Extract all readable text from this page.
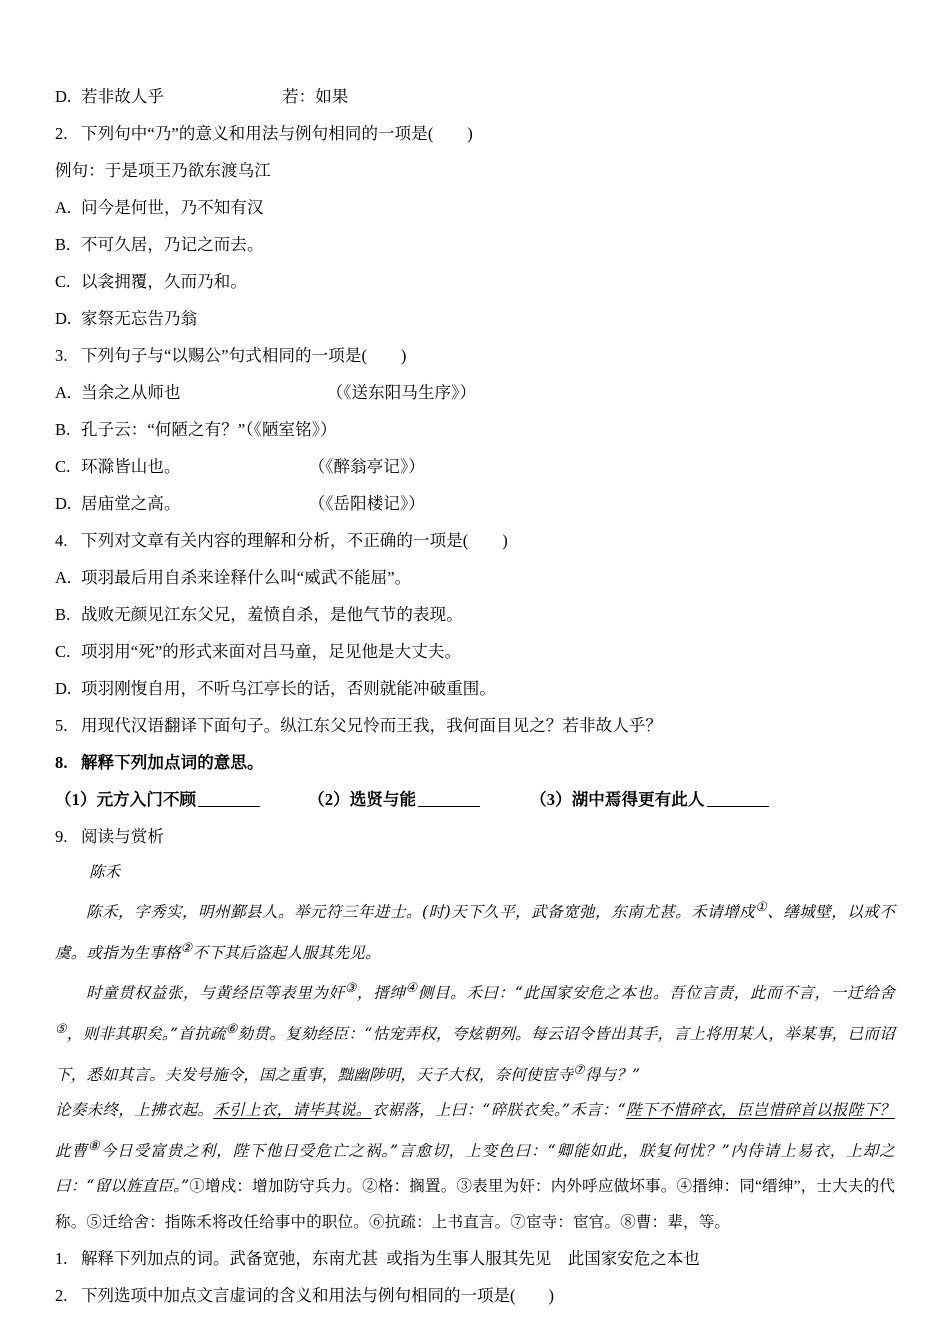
D. 若非故人乎	若：如果
2. 下列句中“乃”的意义和用法与例句相同的一项是(        )
例句：于是项王乃欲东渡乌江
A. 问今是何世，乃不知有汉
B. 不可久居，乃记之而去。
C. 以衾拥覆，久而乃和。
D. 家祭无忘告乃翁
3. 下列句子与“以赐公”句式相同的一项是(        )
A. 当余之从师也	（《送东阳马生序》）
B. 孔子云：“何陋之有？”（《陋室铭》）
C. 环滁皆山也。	（《醉翁亭记》）
D. 居庙堂之高。	（《岳阳楼记》）
4. 下列对文章有关内容的理解和分析，不正确的一项是(        )
A. 项羽最后用自杀来诠释什么叫“威武不能屈”。
B. 战败无颜见江东父兄，羞愤自杀，是他气节的表现。
C. 项羽用“死”的形式来面对吕马童，足见他是大丈夫。
D. 项羽刚愎自用，不听乌江亭长的话，否则就能冲破重围。
5. 用现代汉语翻译下面句子。纵江东父兄怜而王我，我何面目见之？若非故人乎？
8. 解释下列加点词的意思。
（1）元方入门不顾	（2）选贤与能	（3）湖中焉得更有此人
9. 阅读与赏析
陈禾

陈禾，字秀实，明州鄞县人。举元符三年进士。(时)天下久平，武备宽弛，东南尤甚。禾请增戍①、缮城壁，以戒不虞。或指为生事格②不下其后盗起人服其先见。

时童贯权益张，与黄经臣等表里为奸③，搢绅④侧目。禾曰：“此国家安危之本也。吾位言责，此而不言，一迁给舍⑤，则非其职矣。”首抗疏⑥劾贯。复劾经臣：“怙宠弄权，夸炫朝列。每云诏令皆出其手，言上将用某人，举某事，已而诏下，悉如其言。夫发号施令，国之重事，黜幽陟明，天子大权，奈何使宦寺⑦得与？”

论奏未终，上拂衣起。禾引上衣，请毕其说。衣裾落，上曰：“碎朕衣矣。”禾言：“陛下不惜碎衣，臣岂惜碎首以报陛下？此曹⑧今日受富贵之利，陛下他日受危亡之祸。”言愈切，上变色曰：“卿能如此，朕复何忧？”内侍请上易衣，上却之曰：“留以旌直臣。”①增戍：增加防守兵力。②格：搁置。③表里为奸：内外呼应做坏事。④搢绅：同“缙绅”，士大夫的代称。⑤迁给舍：指陈禾将改任给事中的职位。⑥抗疏：上书直言。⑦宦寺：宦官。⑧曹：辈，等。

1. 解释下列加点的词。武备宽弛，东南尤甚  或指为生事人服其先见    此国家安危之本也
2. 下列选项中加点文言虚词的含义和用法与例句相同的一项是(        )
